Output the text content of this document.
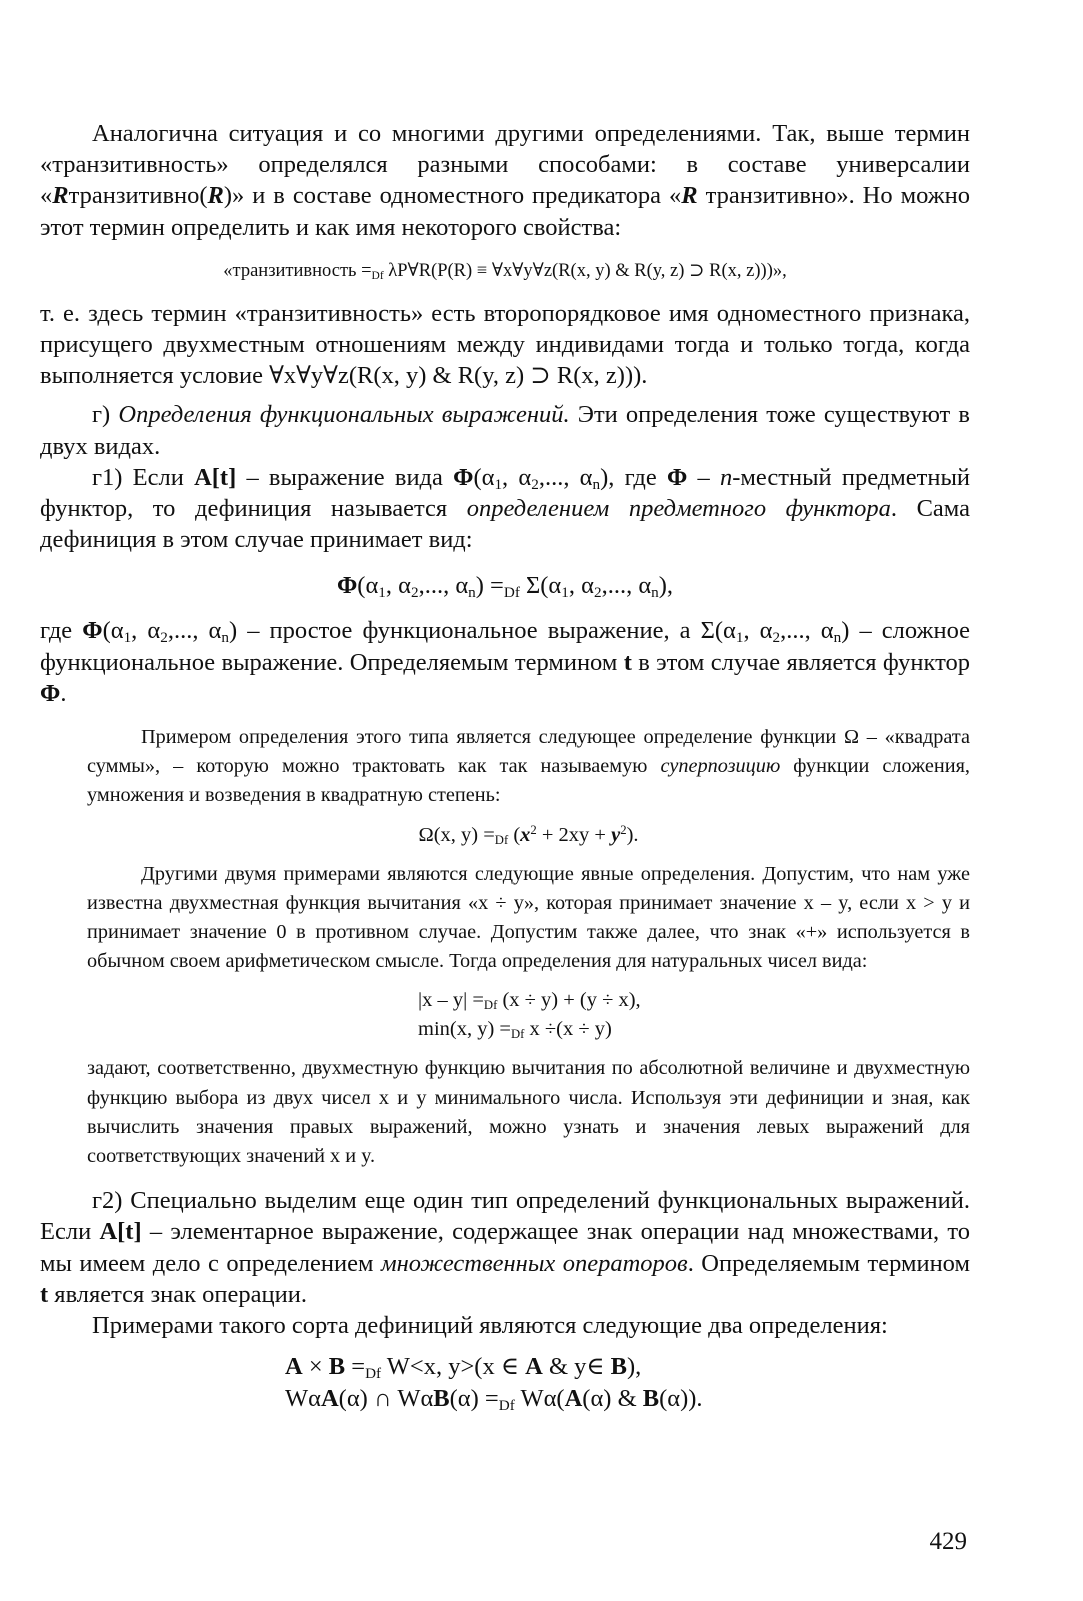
Аналогична ситуация и со многими другими определениями. Так, выше термин «транзитивность» определялся разными способами: в составе универсалии «Rтранзитивно(R)» и в составе одноместного предикатора «R транзитивно». Но можно этот термин определить и как имя некоторого свойства:

«транзитивность $=_{Df}$ λP∀R(P(R) ≡ ∀x∀y∀z(R(x, y) & R(y, z) ⊃ R(x, z)))»,

т. е. здесь термин «транзитивность» есть второпорядковое имя одноместного признака, присущего двухместным отношениям между индивидами тогда и только тогда, когда выполняется условие ∀x∀y∀z(R(x, y) & R(y, z) ⊃ R(x, z))).

г) Определения функциональных выражений. Эти определения тоже существуют в двух видах.

г1) Если A[t] – выражение вида $\Phi(\alpha_1$, $\alpha_2$,..., $\alpha_n$), где Φ – n-местный предметный функтор, то дефиниция называется определением предметного функтора. Сама дефиниция в этом случае принимает вид:

$\Phi(\alpha_1$, $\alpha_2$,..., $\alpha_n) =_{Df}$ $\Sigma(\alpha_1$, $\alpha_2$,..., $\alpha_n$),

где $\Phi(\alpha_1$, $\alpha_2$,..., $\alpha_n$) – простое функциональное выражение, а $\Sigma(\alpha_1$, $\alpha_2$,..., $\alpha_n$) – сложное функциональное выражение. Определяемым термином t в этом случае является функтор Φ.

Примером определения этого типа является следующее определение функции Ω – «квадрата суммы», – которую можно трактовать как так называемую суперпозицию функции сложения, умножения и возведения в квадратную степень:

Ω(x, $y) =_{Df}$ $(x^2 + 2xy + y^2)$.

Другими двумя примерами являются следующие явные определения. Допустим, что нам уже известна двухместная функция вычитания «x ÷ y», которая принимает значение x – y, если x > y и принимает значение 0 в противном случае. Допустим также далее, что знак «+» используется в обычном своем арифметическом смысле. Тогда определения для натуральных чисел вида:

$|x - y| =_{Df}$ (x ÷ y) + (y ÷ x),
min(x, $y) =_{Df}$ x ÷(x ÷ y)

задают, соответственно, двухместную функцию вычитания по абсолютной величине и двухместную функцию выбора из двух чисел x и y минимального числа. Используя эти дефиниции и зная, как вычислить значения правых выражений, можно узнать и значения левых выражений для соответствующих значений x и y.

г2) Специально выделим еще один тип определений функциональных выражений. Если A[t] – элементарное выражение, содержащее знак операции над множествами, то мы имеем дело с определением множественных операторов. Определяемым термином t является знак операции.

Примерами такого сорта дефиниций являются следующие два определения:

$A \times B =_{Df}$ W<x, y>(x ∈ A & y∈ B),
WαA(α) ∩ $W\alpha B(\alpha) =_{Df}$ Wα(A(α) & B(α)).
429
